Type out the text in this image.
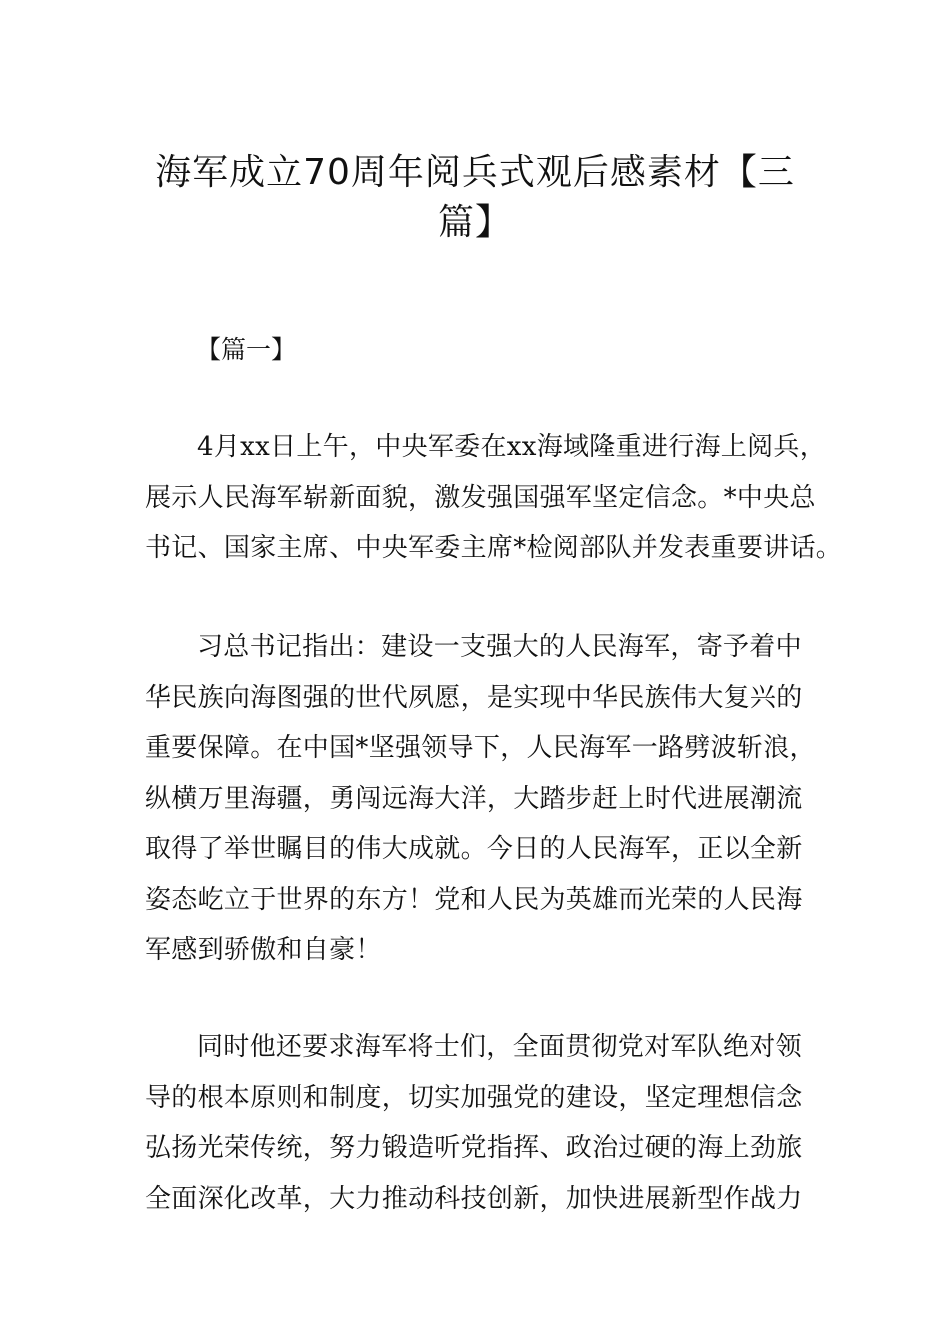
海军成立70周年阅兵式观后感素材【三
篇】

【篇一】

4月xx日上午，中央军委在xx海域隆重进行海上阅兵，
展示人民海军崭新面貌，激发强国强军坚定信念。*中央总
书记、国家主席、中央军委主席*检阅部队并发表重要讲话。

习总书记指出：建设一支强大的人民海军，寄予着中
华民族向海图强的世代夙愿，是实现中华民族伟大复兴的
重要保障。在中国*坚强领导下，人民海军一路劈波斩浪，
纵横万里海疆，勇闯远海大洋，大踏步赶上时代进展潮流
取得了举世瞩目的伟大成就。今日的人民海军，正以全新
姿态屹立于世界的东方！党和人民为英雄而光荣的人民海
军感到骄傲和自豪！

同时他还要求海军将士们，全面贯彻党对军队绝对领
导的根本原则和制度，切实加强党的建设，坚定理想信念
弘扬光荣传统，努力锻造听党指挥、政治过硬的海上劲旅
全面深化改革，大力推动科技创新，加快进展新型作战力
